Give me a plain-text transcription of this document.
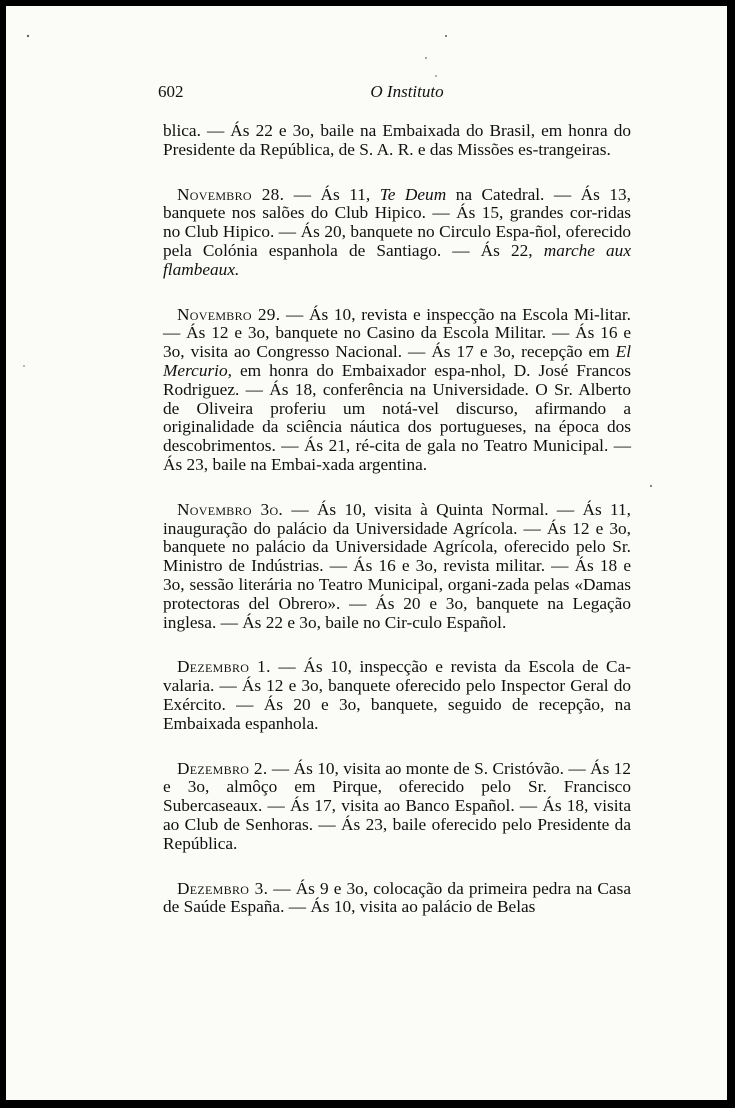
602	O Instituto

blica. — Ás 22 e 3o, baile na Embaixada do Brasil, em honra do Presidente da República, de S. A. R. e das Missões es-trangeiras.

Novembro 28. — Ás 11, Te Deum na Catedral. — Ás 13, banquete nos salões do Club Hipico. — Ás 15, grandes cor-ridas no Club Hipico. — Ás 20, banquete no Circulo Espa-ñol, oferecido pela Colónia espanhola de Santiago. — Ás 22, marche aux flambeaux.

Novembro 29. — Ás 10, revista e inspecção na Escola Mi-litar. — Ás 12 e 3o, banquete no Casino da Escola Militar. — Ás 16 e 3o, visita ao Congresso Nacional. — Ás 17 e 3o, recepção em El Mercurio, em honra do Embaixador espa-nhol, D. José Francos Rodriguez. — Ás 18, conferência na Universidade. O Sr. Alberto de Oliveira proferiu um notá-vel discurso, afirmando a originalidade da sciência náutica dos portugueses, na época dos descobrimentos. — Ás 21, ré-cita de gala no Teatro Municipal. — Ás 23, baile na Embai-xada argentina.

Novembro 3o. — Ás 10, visita à Quinta Normal. — Ás 11, inauguração do palácio da Universidade Agrícola. — Ás 12 e 3o, banquete no palácio da Universidade Agrícola, oferecido pelo Sr. Ministro de Indústrias. — Ás 16 e 3o, revista militar. — Ás 18 e 3o, sessão literária no Teatro Municipal, organi-zada pelas «Damas protectoras del Obrero». — Ás 20 e 3o, banquete na Legação inglesa. — Ás 22 e 3o, baile no Cir-culo Español.

Dezembro 1. — Ás 10, inspecção e revista da Escola de Ca-valaria. — Ás 12 e 3o, banquete oferecido pelo Inspector Geral do Exército. — Ás 20 e 3o, banquete, seguido de recepção, na Embaixada espanhola.

Dezembro 2. — Ás 10, visita ao monte de S. Cristóvão. — Ás 12 e 3o, almôço em Pirque, oferecido pelo Sr. Francisco Subercaseaux. — Ás 17, visita ao Banco Español. — Ás 18, visita ao Club de Senhoras. — Ás 23, baile oferecido pelo Presidente da República.

Dezembro 3. — Ás 9 e 3o, colocação da primeira pedra na Casa de Saúde España. — Ás 10, visita ao palácio de Belas
